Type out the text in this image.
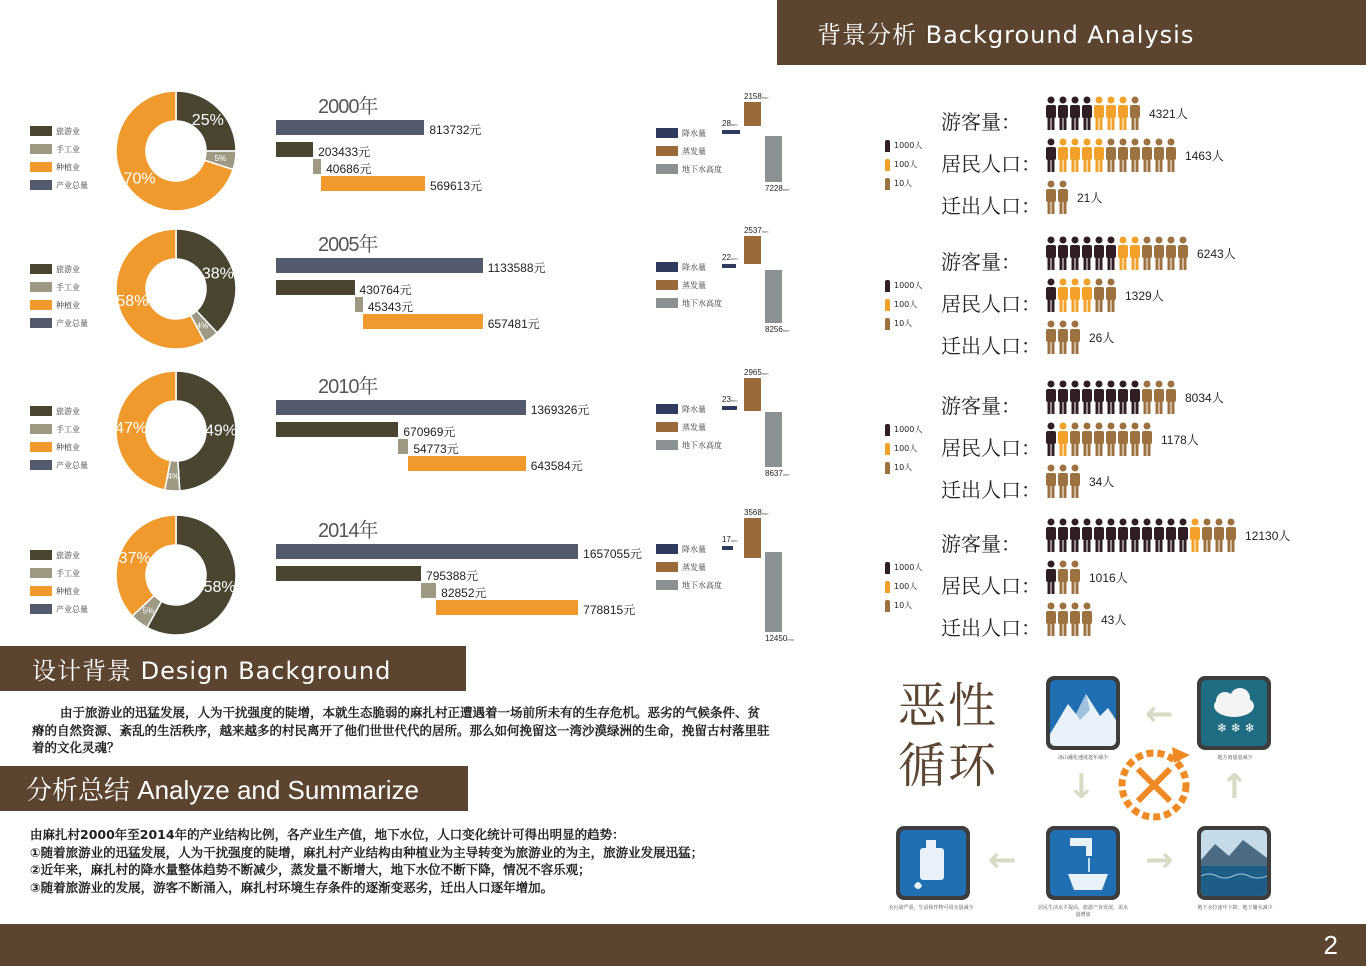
背景分析 Background Analysis
旅游业
手工业
种植业
产业总量
25%
5%
70%
2000年
813732元
203433元
40686元
569613元
旅游业
手工业
种植业
产业总量
38%
4%
58%
2005年
1133588元
430764元
45343元
657481元
旅游业
手工业
种植业
产业总量
49%
4%
47%
2010年
1369326元
670969元
54773元
643584元
旅游业
手工业
种植业
产业总量
58%
5%
37%
2014年
1657055元
795388元
82852元
778815元
降水量
蒸发量
地下水高度
28mm
2158mm
7228mm
降水量
蒸发量
地下水高度
22mm
2537mm
8256mm
降水量
蒸发量
地下水高度
23mm
2965mm
8637mm
降水量
蒸发量
地下水高度
17mm
3568mm
12450mm
1000人
100人
10人
游客量：	4321人
居民人口：	1463人
迁出人口：	21人
1000人
100人
10人
游客量：	6243人
居民人口：	1329人
迁出人口：	26人
1000人
100人
10人
游客量：	8034人
居民人口：	1178人
迁出人口：	34人
1000人
100人
10人
游客量：	12130人
居民人口：	1016人
迁出人口：	43人
设计背景 Design Background
由于旅游业的迅猛发展，人为干扰强度的陡增，本就生态脆弱的麻扎村正遭遇着一场前所未有的生存危机。恶劣的气候条件、贫瘠的自然资源、紊乱的生活秩序，越来越多的村民离开了他们世世代代的居所。那么如何挽留这一湾沙漠绿洲的生命，挽留古村落里驻着的文化灵魂？
分析总结 Analyze and Summarize
由麻扎村2000年至2014年的产业结构比例，各产业生产值，地下水位，人口变化统计可得出明显的趋势：
①随着旅游业的迅猛发展，人为干扰强度的陡增，麻扎村产业结构由种植业为主导转变为旅游业的为主，旅游业发展迅猛；
②近年来，麻扎村的降水量整体趋势不断减少，蒸发量不断增大，地下水位不断下降，情况不容乐观；
③随着旅游业的发展，游客不断涌入，麻扎村环境生存条件的逐渐变恶劣，迁出人口逐年增加。
恶性
循环	冰山融化速度逐年减少
❄ ❄ ❄
地方雨量量减少
水污染严重，生活和作物可用水量减少	居民生活水平提高，旅游产业发展，需水量增加
地下水位逐年下降，地下储水减少
←
↓	↑
←	→
2
